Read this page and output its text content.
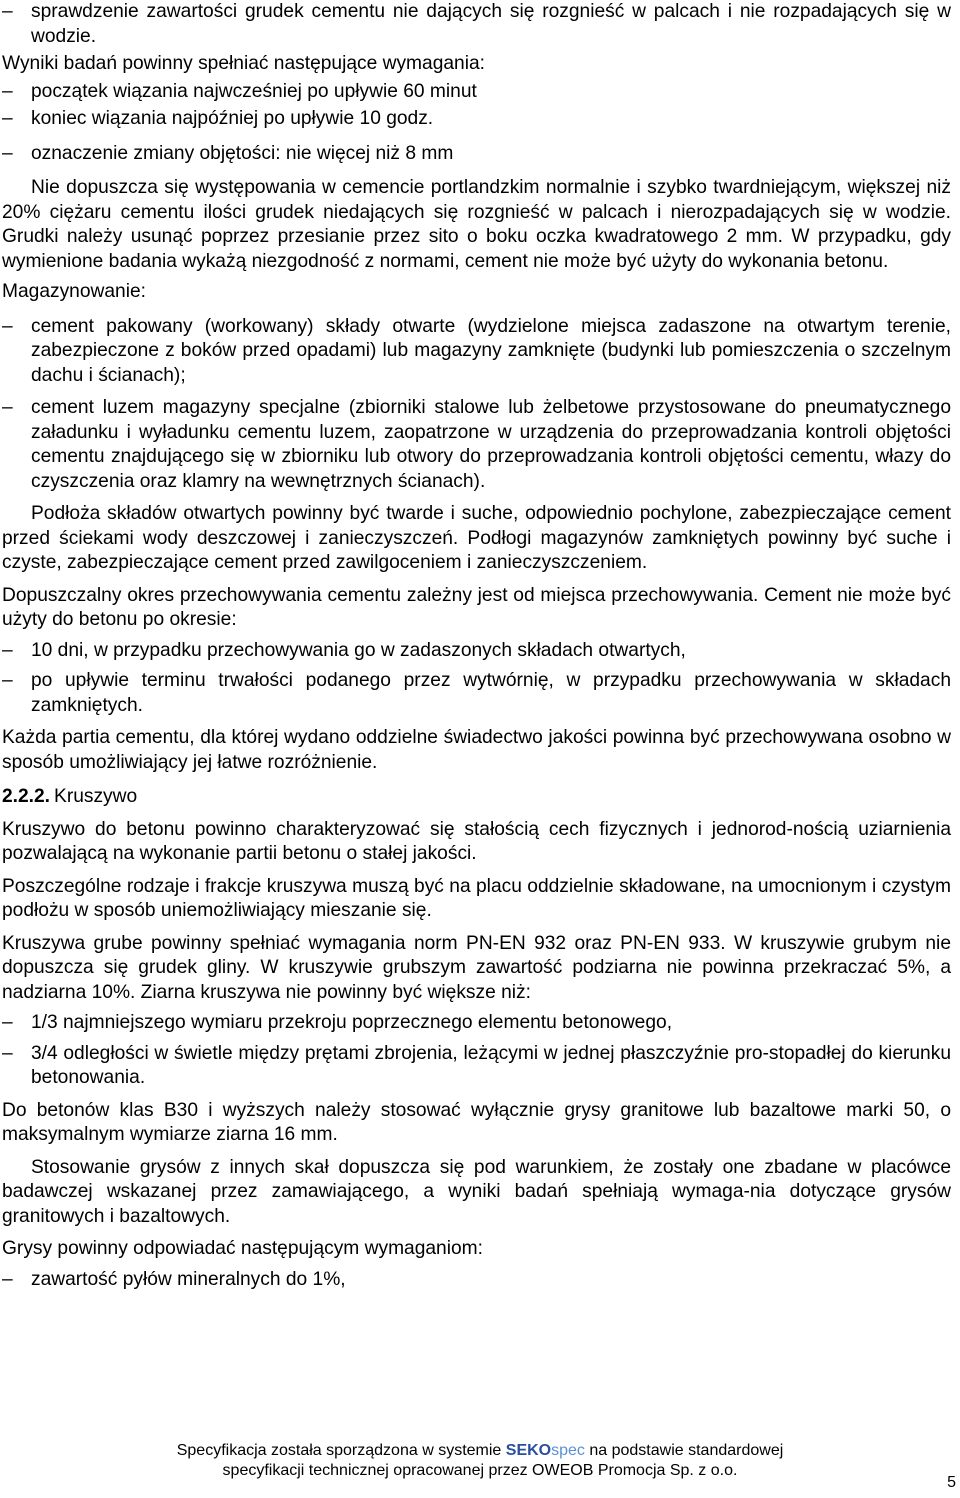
– sprawdzenie zawartości grudek cementu nie dających się rozgnieść w palcach i nie rozpadających się w wodzie.

Wyniki badań powinny spełniać następujące wymagania:

– początek wiązania najwcześniej po upływie 60 minut
– koniec wiązania najpóźniej po upływie 10 godz.
– oznaczenie zmiany objętości: nie więcej niż 8 mm

Nie dopuszcza się występowania w cemencie portlandzkim normalnie i szybko twardniejącym, większej niż 20% ciężaru cementu ilości grudek niedających się rozgnieść w palcach i nierozpadających się w wodzie. Grudki należy usunąć poprzez przesianie przez sito o boku oczka kwadratowego 2 mm. W przypadku, gdy wymienione badania wykażą niezgodność z normami, cement nie może być użyty do wykonania betonu.

Magazynowanie:

– cement pakowany (workowany) składy otwarte (wydzielone miejsca zadaszone na otwartym terenie, zabezpieczone z boków przed opadami) lub magazyny zamknięte (budynki lub pomieszczenia o szczelnym dachu i ścianach);
– cement luzem magazyny specjalne (zbiorniki stalowe lub żelbetowe przystosowane do pneumatycznego załadunku i wyładunku cementu luzem, zaopatrzone w urządzenia do przeprowadzania kontroli objętości cementu znajdującego się w zbiorniku lub otwory do przeprowadzania kontroli objętości cementu, włazy do czyszczenia oraz klamry na wewnętrznych ścianach).

Podłoża składów otwartych powinny być twarde i suche, odpowiednio pochylone, zabezpieczające cement przed ściekami wody deszczowej i zanieczyszczeń. Podłogi magazynów zamkniętych powinny być suche i czyste, zabezpieczające cement przed zawilgoceniem i zanieczyszczeniem.

Dopuszczalny okres przechowywania cementu zależny jest od miejsca przechowywania. Cement nie może być użyty do betonu po okresie:

– 10 dni, w przypadku przechowywania go w zadaszonych składach otwartych,
– po upływie terminu trwałości podanego przez wytwórnię, w przypadku przechowywania w składach zamkniętych.

Każda partia cementu, dla której wydano oddzielne świadectwo jakości powinna być przechowywana osobno w sposób umożliwiający jej łatwe rozróżnienie.

2.2.2. Kruszywo

Kruszywo do betonu powinno charakteryzować się stałością cech fizycznych i jednorod-nością uziarnienia pozwalającą na wykonanie partii betonu o stałej jakości.

Poszczególne rodzaje i frakcje kruszywa muszą być na placu oddzielnie składowane, na umocnionym i czystym podłożu w sposób uniemożliwiający mieszanie się.

Kruszywa grube powinny spełniać wymagania norm PN-EN 932 oraz PN-EN 933. W kruszywie grubym nie dopuszcza się grudek gliny. W kruszywie grubszym zawartość podziarna nie powinna przekraczać 5%, a nadziarna 10%. Ziarna kruszywa nie powinny być większe niż:

– 1/3 najmniejszego wymiaru przekroju poprzecznego elementu betonowego,
– 3/4 odległości w świetle między prętami zbrojenia, leżącymi w jednej płaszczyźnie pro-stopadłej do kierunku betonowania.

Do betonów klas B30 i wyższych należy stosować wyłącznie grysy granitowe lub bazaltowe marki 50, o maksymalnym wymiarze ziarna 16 mm.

Stosowanie grysów z innych skał dopuszcza się pod warunkiem, że zostały one zbadane w placówce badawczej wskazanej przez zamawiającego, a wyniki badań spełniają wymaga-nia dotyczące grysów granitowych i bazaltowych.

Grysy powinny odpowiadać następującym wymaganiom:

– zawartość pyłów mineralnych do 1%,
Specyfikacja została sporządzona w systemie SEKOspec na podstawie standardowej
specyfikacji technicznej opracowanej przez OWEOB Promocja Sp. z o.o.
5
